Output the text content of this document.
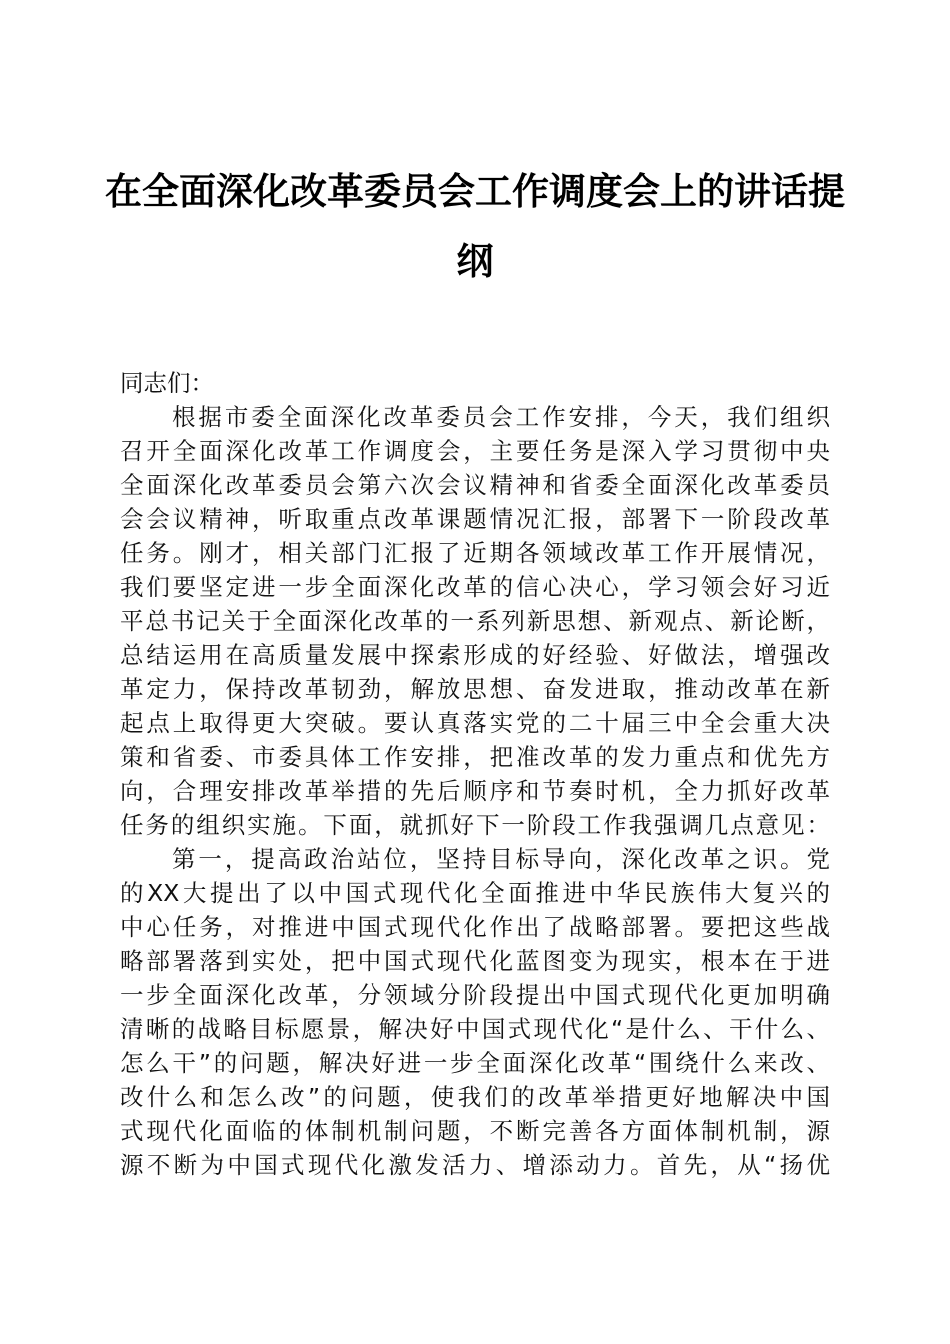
在全面深化改革委员会工作调度会上的讲话提
纲

同志们：

根据市委全面深化改革委员会工作安排，今天，我们组织

召开全面深化改革工作调度会，主要任务是深入学习贯彻中央

全面深化改革委员会第六次会议精神和省委全面深化改革委员

会会议精神，听取重点改革课题情况汇报，部署下一阶段改革

任务。刚才，相关部门汇报了近期各领域改革工作开展情况，

我们要坚定进一步全面深化改革的信心决心，学习领会好习近

平总书记关于全面深化改革的一系列新思想、新观点、新论断，

总结运用在高质量发展中探索形成的好经验、好做法，增强改

革定力，保持改革韧劲，解放思想、奋发进取，推动改革在新

起点上取得更大突破。要认真落实党的二十届三中全会重大决

策和省委、市委具体工作安排，把准改革的发力重点和优先方

向，合理安排改革举措的先后顺序和节奏时机，全力抓好改革

任务的组织实施。下面，就抓好下一阶段工作我强调几点意见：

第一，提高政治站位，坚持目标导向，深化改革之识。党

的XX大提出了以中国式现代化全面推进中华民族伟大复兴的

中心任务，对推进中国式现代化作出了战略部署。要把这些战

略部署落到实处，把中国式现代化蓝图变为现实，根本在于进

一步全面深化改革，分领域分阶段提出中国式现代化更加明确

清晰的战略目标愿景，解决好中国式现代化“是什么、干什么、

怎么干”的问题，解决好进一步全面深化改革“围绕什么来改、

改什么和怎么改”的问题，使我们的改革举措更好地解决中国

式现代化面临的体制机制问题，不断完善各方面体制机制，源

源不断为中国式现代化激发活力、增添动力。首先，从“扬优
